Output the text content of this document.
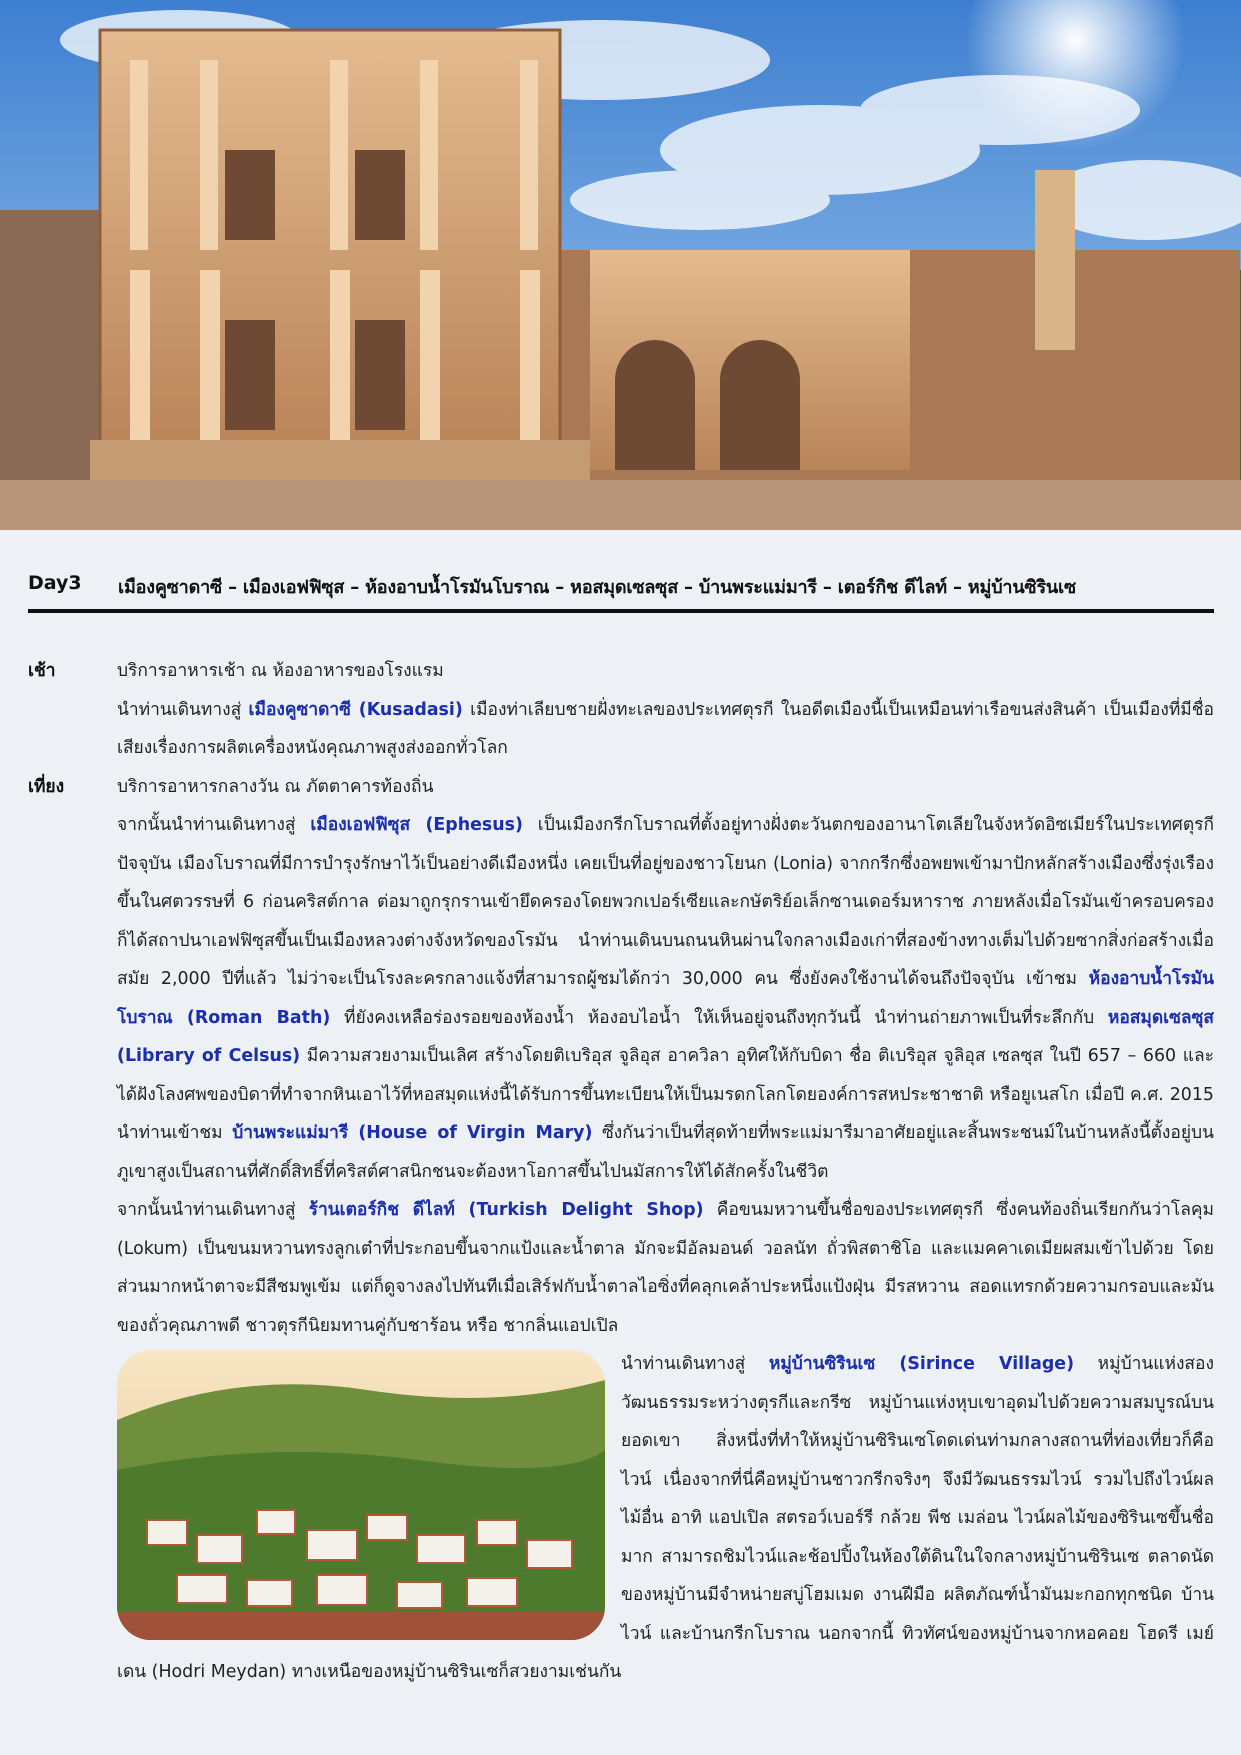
Day3 เมืองคูซาดาซี – เมืองเอฟฟิซุส – ห้องอาบน้ำโรมันโบราณ – หอสมุดเซลซุส – บ้านพระแม่มารี – เตอร์กิช ดีไลท์ – หมู่บ้านซิรินเซ
เช้า	บริการอาหารเช้า ณ ห้องอาหารของโรงแรม
นำท่านเดินทางสู่ เมืองคูซาดาซี (Kusadasi) เมืองท่าเลียบชายฝั่งทะเลของประเทศตุรกี ในอดีตเมืองนี้เป็นเหมือนท่าเรือขนส่งสินค้า เป็นเมืองที่มีชื่อเสียงเรื่องการผลิตเครื่องหนังคุณภาพสูงส่งออกทั่วโลก
เที่ยง	บริการอาหารกลางวัน ณ ภัตตาคารท้องถิ่น
จากนั้นนำท่านเดินทางสู่ เมืองเอฟฟิซุส (Ephesus) เป็นเมืองกรีกโบราณที่ตั้งอยู่ทางฝั่งตะวันตกของอานาโตเลียในจังหวัดอิซเมียร์ในประเทศตุรกีปัจจุบัน เมืองโบราณที่มีการบำรุงรักษาไว้เป็นอย่างดีเมืองหนึ่ง เคยเป็นที่อยู่ของชาวโยนก (Lonia) จากกรีกซึ่งอพยพเข้ามาปักหลักสร้างเมืองซึ่งรุ่งเรืองขึ้นในศตวรรษที่ 6 ก่อนคริสต์กาล ต่อมาถูกรุกรานเข้ายึดครองโดยพวกเปอร์เซียและกษัตริย์อเล็กซานเดอร์มหาราช ภายหลังเมื่อโรมันเข้าครอบครองก็ได้สถาปนาเอฟฟิซุสขึ้นเป็นเมืองหลวงต่างจังหวัดของโรมัน นำท่านเดินบนถนนหินผ่านใจกลางเมืองเก่าที่สองข้างทางเต็มไปด้วยซากสิ่งก่อสร้างเมื่อสมัย 2,000 ปีที่แล้ว ไม่ว่าจะเป็นโรงละครกลางแจ้งที่สามารถผู้ชมได้กว่า 30,000 คน ซึ่งยังคงใช้งานได้จนถึงปัจจุบัน เข้าชม ห้องอาบน้ำโรมันโบราณ (Roman Bath) ที่ยังคงเหลือร่องรอยของห้องน้ำ ห้องอบไอน้ำ ให้เห็นอยู่จนถึงทุกวันนี้ นำท่านถ่ายภาพเป็นที่ระลึกกับ หอสมุดเซลซุส (Library of Celsus) มีความสวยงามเป็นเลิศ สร้างโดยติเบริอุส จูลิอุส อาควิลา อุทิศให้กับบิดา ชื่อ ติเบริอุส จูลิอุส เซลซุส ในปี 657 – 660 และได้ฝังโลงศพของบิดาที่ทำจากหินเอาไว้ที่หอสมุดแห่งนี้ได้รับการขึ้นทะเบียนให้เป็นมรดกโลกโดยองค์การสหประชาชาติ หรือยูเนสโก เมื่อปี ค.ศ. 2015 นำท่านเข้าชม บ้านพระแม่มารี (House of Virgin Mary) ซึ่งกันว่าเป็นที่สุดท้ายที่พระแม่มารีมาอาศัยอยู่และสิ้นพระชนม์ในบ้านหลังนี้ตั้งอยู่บนภูเขาสูงเป็นสถานที่ศักดิ์สิทธิ์ที่คริสต์ศาสนิกชนจะต้องหาโอกาสขึ้นไปนมัสการให้ได้สักครั้งในชีวิต
จากนั้นนำท่านเดินทางสู่ ร้านเตอร์กิช ดีไลท์ (Turkish Delight Shop) คือขนมหวานขึ้นชื่อของประเทศตุรกี ซึ่งคนท้องถิ่นเรียกกันว่าโลคุม (Lokum) เป็นขนมหวานทรงลูกเต๋าที่ประกอบขึ้นจากแป้งและน้ำตาล มักจะมีอัลมอนด์ วอลนัท ถั่วพิสตาชิโอ และแมคคาเดเมียผสมเข้าไปด้วย โดยส่วนมากหน้าตาจะมีสีชมพูเข้ม แต่ก็ดูจางลงไปทันทีเมื่อเสิร์ฟกับน้ำตาลไอซิ่งที่คลุกเคล้าประหนึ่งแป้งฝุ่น มีรสหวาน สอดแทรกด้วยความกรอบและมันของถั่วคุณภาพดี ชาวตุรกีนิยมทานคู่กับชาร้อน หรือ ชากลิ่นแอปเปิล
นำท่านเดินทางสู่ หมู่บ้านซิรินเซ (Sirince Village) หมู่บ้านแห่งสองวัฒนธรรมระหว่างตุรกีและกรีซ หมู่บ้านแห่งหุบเขาอุดมไปด้วยความสมบูรณ์บนยอดเขา สิ่งหนึ่งที่ทำให้หมู่บ้านซิรินเซโดดเด่นท่ามกลางสถานที่ท่องเที่ยวก็คือไวน์ เนื่องจากที่นี่คือหมู่บ้านชาวกรีกจริงๆ จึงมีวัฒนธรรมไวน์ รวมไปถึงไวน์ผลไม้อื่น อาทิ แอปเปิล สตรอว์เบอร์รี กล้วย พีช เมล่อน ไวน์ผลไม้ของซิรินเซขึ้นชื่อมาก สามารถชิมไวน์และช้อปปิ้งในห้องใต้ดินในใจกลางหมู่บ้านซิรินเซ ตลาดนัดของหมู่บ้านมีจำหน่ายสบู่โฮมเมด งานฝีมือ ผลิตภัณฑ์น้ำมันมะกอกทุกชนิด บ้านไวน์ และบ้านกรีกโบราณ นอกจากนี้ ทิวทัศน์ของหมู่บ้านจากหอคอย โฮดรี เมย์เดน (Hodri Meydan) ทางเหนือของหมู่บ้านซิรินเซก็สวยงามเช่นกัน
